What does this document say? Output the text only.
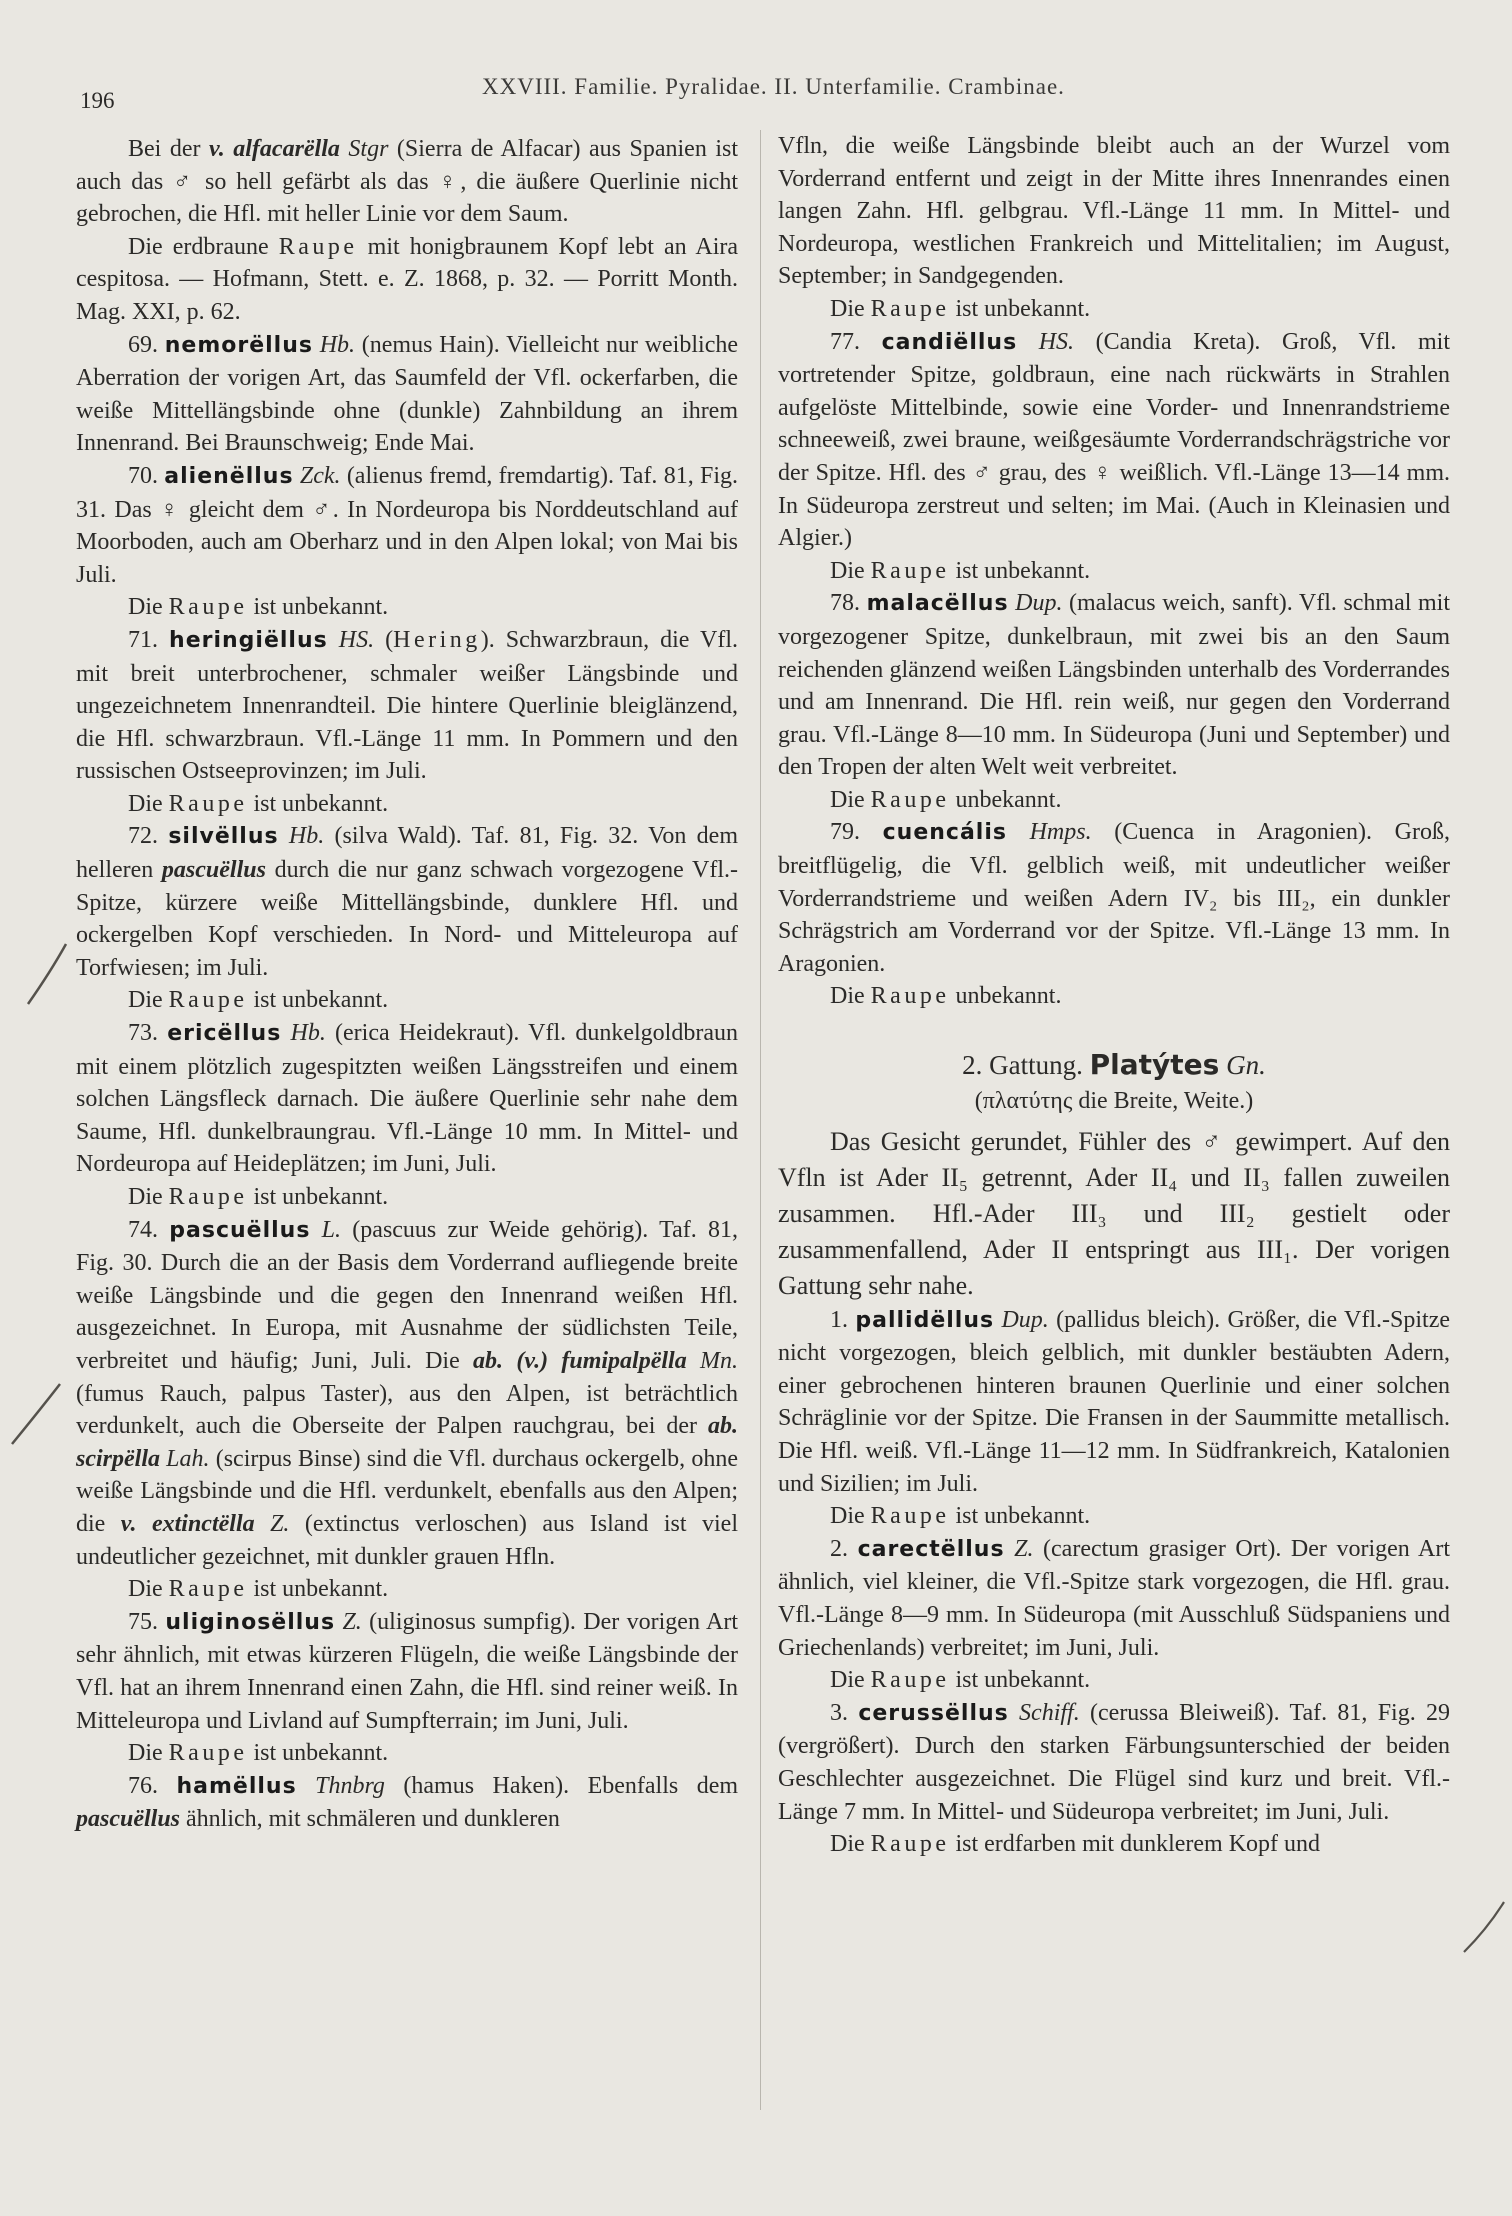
196
XXVIII. Familie. Pyralidae. II. Unterfamilie. Crambinae.

Bei der v. alfacarëlla Stgr (Sierra de Alfacar) aus Spanien ist auch das ♂ so hell gefärbt als das ♀, die äußere Querlinie nicht gebrochen, die Hfl. mit heller Linie vor dem Saum.

Die erdbraune Raupe mit honigbraunem Kopf lebt an Aira cespitosa. — Hofmann, Stett. e. Z. 1868, p. 32. — Porritt Month. Mag. XXI, p. 62.

69. nemorëllus Hb. (nemus Hain). Vielleicht nur weibliche Aberration der vorigen Art, das Saumfeld der Vfl. ockerfarben, die weiße Mittellängsbinde ohne (dunkle) Zahnbildung an ihrem Innenrand. Bei Braunschweig; Ende Mai.

70. alienëllus Zck. (alienus fremd, fremdartig). Taf. 81, Fig. 31. Das ♀ gleicht dem ♂. In Nordeuropa bis Norddeutschland auf Moorboden, auch am Oberharz und in den Alpen lokal; von Mai bis Juli.

Die Raupe ist unbekannt.

71. heringiëllus HS. (Hering). Schwarzbraun, die Vfl. mit breit unterbrochener, schmaler weißer Längsbinde und ungezeichnetem Innenrandteil. Die hintere Querlinie bleiglänzend, die Hfl. schwarzbraun. Vfl.-Länge 11 mm. In Pommern und den russischen Ostseeprovinzen; im Juli.

Die Raupe ist unbekannt.

72. silvëllus Hb. (silva Wald). Taf. 81, Fig. 32. Von dem helleren pascuëllus durch die nur ganz schwach vorgezogene Vfl.-Spitze, kürzere weiße Mittellängsbinde, dunklere Hfl. und ockergelben Kopf verschieden. In Nord- und Mitteleuropa auf Torfwiesen; im Juli.

Die Raupe ist unbekannt.

73. ericëllus Hb. (erica Heidekraut). Vfl. dunkelgoldbraun mit einem plötzlich zugespitzten weißen Längsstreifen und einem solchen Längsfleck darnach. Die äußere Querlinie sehr nahe dem Saume, Hfl. dunkelbraungrau. Vfl.-Länge 10 mm. In Mittel- und Nordeuropa auf Heideplätzen; im Juni, Juli.

Die Raupe ist unbekannt.

74. pascuëllus L. (pascuus zur Weide gehörig). Taf. 81, Fig. 30. Durch die an der Basis dem Vorderrand aufliegende breite weiße Längsbinde und die gegen den Innenrand weißen Hfl. ausgezeichnet. In Europa, mit Ausnahme der südlichsten Teile, verbreitet und häufig; Juni, Juli. Die ab. (v.) fumipalpëlla Mn. (fumus Rauch, palpus Taster), aus den Alpen, ist beträchtlich verdunkelt, auch die Oberseite der Palpen rauchgrau, bei der ab. scirpëlla Lah. (scirpus Binse) sind die Vfl. durchaus ockergelb, ohne weiße Längsbinde und die Hfl. verdunkelt, ebenfalls aus den Alpen; die v. extinctëlla Z. (extinctus verloschen) aus Island ist viel undeutlicher gezeichnet, mit dunkler grauen Hfln.

Die Raupe ist unbekannt.

75. uliginosëllus Z. (uliginosus sumpfig). Der vorigen Art sehr ähnlich, mit etwas kürzeren Flügeln, die weiße Längsbinde der Vfl. hat an ihrem Innenrand einen Zahn, die Hfl. sind reiner weiß. In Mitteleuropa und Livland auf Sumpfterrain; im Juni, Juli.

Die Raupe ist unbekannt.

76. hamëllus Thnbrg (hamus Haken). Ebenfalls dem pascuëllus ähnlich, mit schmäleren und dunkleren

Vfln, die weiße Längsbinde bleibt auch an der Wurzel vom Vorderrand entfernt und zeigt in der Mitte ihres Innenrandes einen langen Zahn. Hfl. gelbgrau. Vfl.-Länge 11 mm. In Mittel- und Nordeuropa, westlichen Frankreich und Mittelitalien; im August, September; in Sandgegenden.

Die Raupe ist unbekannt.

77. candiëllus HS. (Candia Kreta). Groß, Vfl. mit vortretender Spitze, goldbraun, eine nach rückwärts in Strahlen aufgelöste Mittelbinde, sowie eine Vorder- und Innenrandstrieme schneeweiß, zwei braune, weißgesäumte Vorderrandschrägstriche vor der Spitze. Hfl. des ♂ grau, des ♀ weißlich. Vfl.-Länge 13—14 mm. In Südeuropa zerstreut und selten; im Mai. (Auch in Kleinasien und Algier.)

Die Raupe ist unbekannt.

78. malacëllus Dup. (malacus weich, sanft). Vfl. schmal mit vorgezogener Spitze, dunkelbraun, mit zwei bis an den Saum reichenden glänzend weißen Längsbinden unterhalb des Vorderrandes und am Innenrand. Die Hfl. rein weiß, nur gegen den Vorderrand grau. Vfl.-Länge 8—10 mm. In Südeuropa (Juni und September) und den Tropen der alten Welt weit verbreitet.

Die Raupe unbekannt.

79. cuencális Hmps. (Cuenca in Aragonien). Groß, breitflügelig, die Vfl. gelblich weiß, mit undeutlicher weißer Vorderrandstrieme und weißen Adern IV₂ bis III₂, ein dunkler Schrägstrich am Vorderrand vor der Spitze. Vfl.-Länge 13 mm. In Aragonien.

Die Raupe unbekannt.

2. Gattung. Platýtes Gn.

(πλατύτης die Breite, Weite.)

Das Gesicht gerundet, Fühler des ♂ gewimpert. Auf den Vfln ist Ader II₅ getrennt, Ader II₄ und II₃ fallen zuweilen zusammen. Hfl.-Ader III₃ und III₂ gestielt oder zusammenfallend, Ader II entspringt aus III₁. Der vorigen Gattung sehr nahe.

1. pallidëllus Dup. (pallidus bleich). Größer, die Vfl.-Spitze nicht vorgezogen, bleich gelblich, mit dunkler bestäubten Adern, einer gebrochenen hinteren braunen Querlinie und einer solchen Schräglinie vor der Spitze. Die Fransen in der Saummitte metallisch. Die Hfl. weiß. Vfl.-Länge 11—12 mm. In Südfrankreich, Katalonien und Sizilien; im Juli.

Die Raupe ist unbekannt.

2. carectëllus Z. (carectum grasiger Ort). Der vorigen Art ähnlich, viel kleiner, die Vfl.-Spitze stark vorgezogen, die Hfl. grau. Vfl.-Länge 8—9 mm. In Südeuropa (mit Ausschluß Südspaniens und Griechenlands) verbreitet; im Juni, Juli.

Die Raupe ist unbekannt.

3. cerussëllus Schiff. (cerussa Bleiweiß). Taf. 81, Fig. 29 (vergrößert). Durch den starken Färbungsunterschied der beiden Geschlechter ausgezeichnet. Die Flügel sind kurz und breit. Vfl.-Länge 7 mm. In Mittel- und Südeuropa verbreitet; im Juni, Juli.

Die Raupe ist erdfarben mit dunklerem Kopf und
